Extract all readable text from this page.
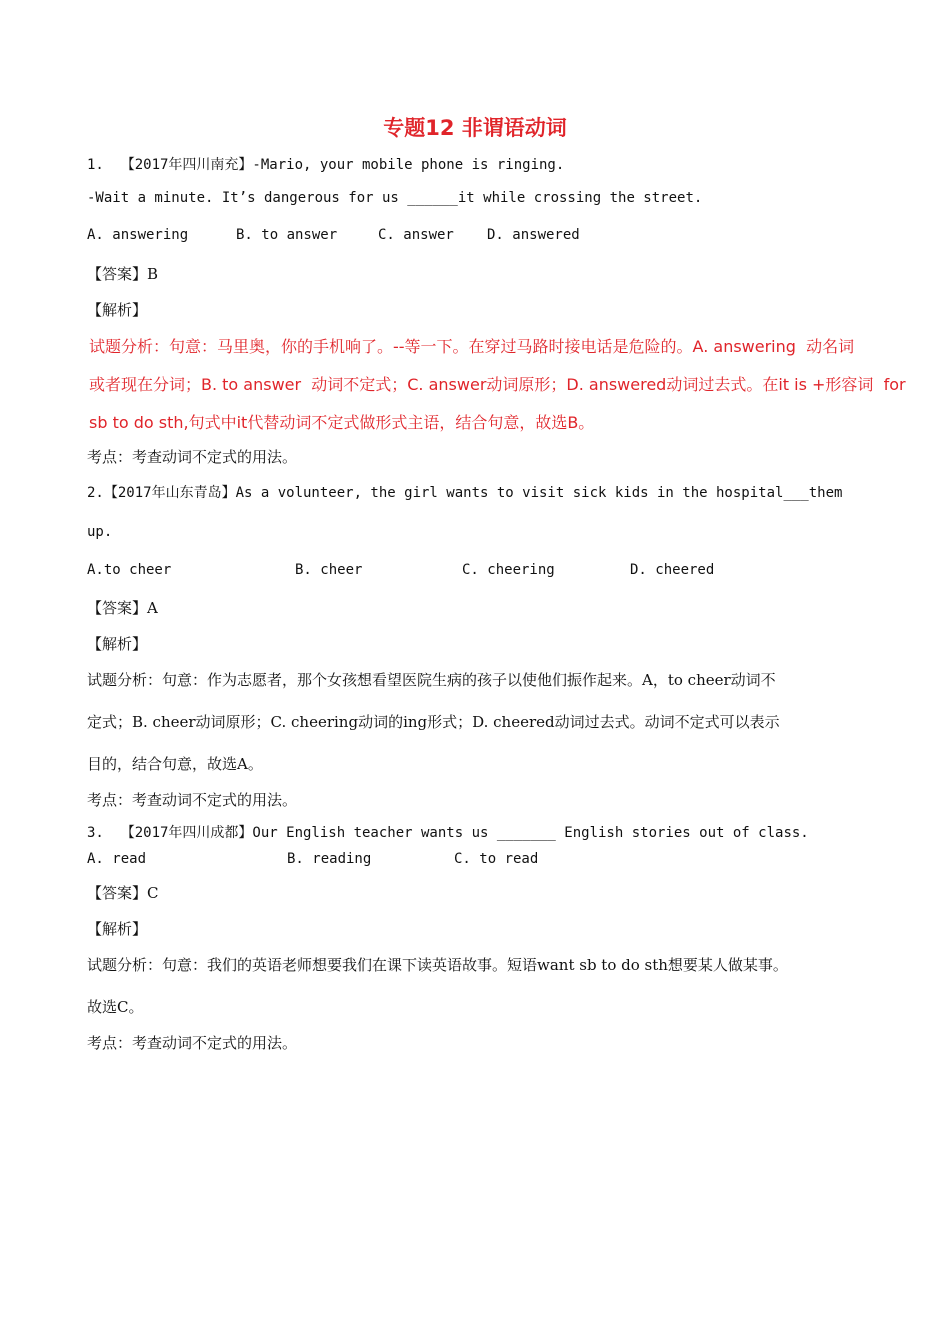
专题12 非谓语动词
1.  【2017年四川南充】-Mario, your mobile phone is ringing.
-Wait a minute. It’s dangerous for us ______it while crossing the street.
A. answering	B. to answer	C. answer D. answered
【答案】B
【解析】
试题分析：句意：马里奥，你的手机响了。--等一下。在穿过马路时接电话是危险的。A. answering  动名词
或者现在分词；B. to answer  动词不定式；C. answer动词原形；D. answered动词过去式。在it is +形容词  for
sb to do sth,句式中it代替动词不定式做形式主语，结合句意，故选B。
考点：考查动词不定式的用法。
2.【2017年山东青岛】As a volunteer, the girl wants to visit sick kids in the hospital___them
up.
A.to cheer	B. cheer	C. cheering	D. cheered
【答案】A
【解析】
试题分析：句意：作为志愿者，那个女孩想看望医院生病的孩子以使他们振作起来。A，to cheer动词不
定式；B. cheer动词原形；C. cheering动词的ing形式；D. cheered动词过去式。动词不定式可以表示
目的，结合句意，故选A。
考点：考查动词不定式的用法。
3.  【2017年四川成都】Our English teacher wants us _______ English stories out of class.
A. read	B. reading	C. to read
【答案】C
【解析】
试题分析：句意：我们的英语老师想要我们在课下读英语故事。短语want sb to do sth想要某人做某事。
故选C。
考点：考查动词不定式的用法。
